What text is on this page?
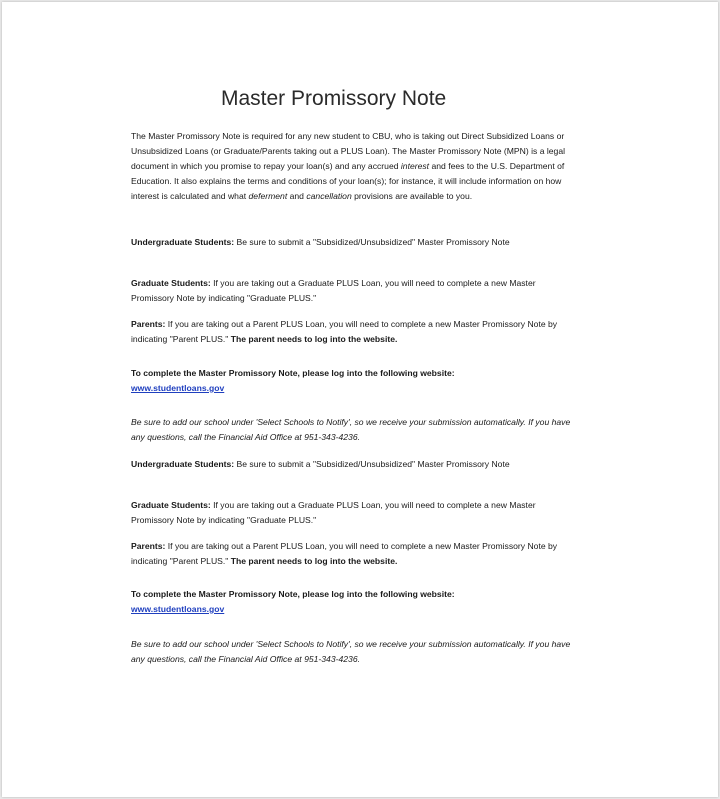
Master Promissory Note

The Master Promissory Note is required for any new student to CBU, who is taking out Direct Subsidized Loans or Unsubsidized Loans (or Graduate/Parents taking out a PLUS Loan). The Master Promissory Note (MPN) is a legal document in which you promise to repay your loan(s) and any accrued interest and fees to the U.S. Department of Education. It also explains the terms and conditions of your loan(s); for instance, it will include information on how interest is calculated and what deferment and cancellation provisions are available to you.

Undergraduate Students: Be sure to submit a "Subsidized/Unsubsidized" Master Promissory Note

Graduate Students: If you are taking out a Graduate PLUS Loan, you will need to complete a new Master Promissory Note by indicating "Graduate PLUS."

Parents: If you are taking out a Parent PLUS Loan, you will need to complete a new Master Promissory Note by indicating "Parent PLUS." The parent needs to log into the website.

To complete the Master Promissory Note, please log into the following website:
www.studentloans.gov

Be sure to add our school under 'Select Schools to Notify', so we receive your submission automatically. If you have any questions, call the Financial Aid Office at 951-343-4236.

Undergraduate Students: Be sure to submit a "Subsidized/Unsubsidized" Master Promissory Note

Graduate Students: If you are taking out a Graduate PLUS Loan, you will need to complete a new Master Promissory Note by indicating "Graduate PLUS."

Parents: If you are taking out a Parent PLUS Loan, you will need to complete a new Master Promissory Note by indicating "Parent PLUS." The parent needs to log into the website.

To complete the Master Promissory Note, please log into the following website:
www.studentloans.gov

Be sure to add our school under 'Select Schools to Notify', so we receive your submission automatically. If you have any questions, call the Financial Aid Office at 951-343-4236.
